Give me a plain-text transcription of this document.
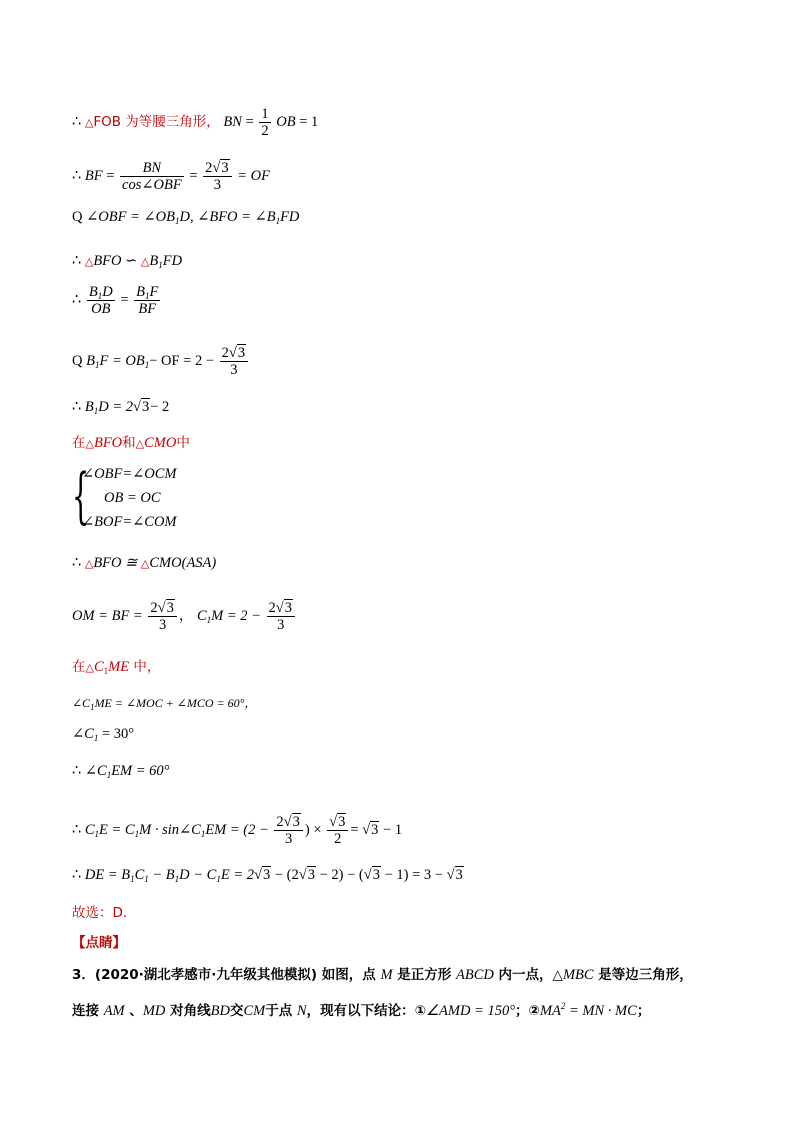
∴ △FOB 为等腰三角形， BN = $\frac{1}{2}$ OB = 1
∴ BF = $\frac{BN}{\text{cos∠OBF}} = \frac{2√3}{3}$ = OF
Q ∠OBF = $\angle OB_1D$, ∠BFO = $\angle B_1FD$
∴ △BFO ∽ $\triangle B_1FD$
∴ $\frac{B_1D}{OB} = \frac{B_1F}{BF}$
Q $B_1F = OB_1-$ OF = $2 - \frac{2√3}{3}$
∴ $B_1D = 2√3- 2$
在△BFO和△CMO中
{
∠OBF=∠OCM
OB = OC
∠BOF=∠COM
∴ △BFO ≅ △CMO(ASA)
OM = BF = $\frac{2√3}{3}$ ， $C_1M = 2 - \frac{2√3}{3}$
在$\triangle C_1ME$ 中，
$\angle C_1ME$ = ∠MOC + ∠MCO = 60°，
$\angle C_1 = 30^\circ$
∴ $\angle C_1EM = 60^\circ$
∴ $C_1E = C_1M$ · $\sin\angle C_1EM = (2 - \frac{2√3}{3}$ ) × $\frac{√3}{2} = √3 - 1$
∴ DE = $B_1C_1 - B_1D - C_1E = 2√3 - (2√3 - 2) - (√3 - 1) = 3 - √3$
故选：D．
【点睛】
3．(2020·湖北孝感市·九年级其他模拟) 如图，点 M 是正方形 ABCD 内一点，△MBC 是等边三角形，
连接 AM 、MD 对角线BD交CM于点 N，现有以下结论：①∠AMD = 150°；$②MA^2$ = MN · MC；
